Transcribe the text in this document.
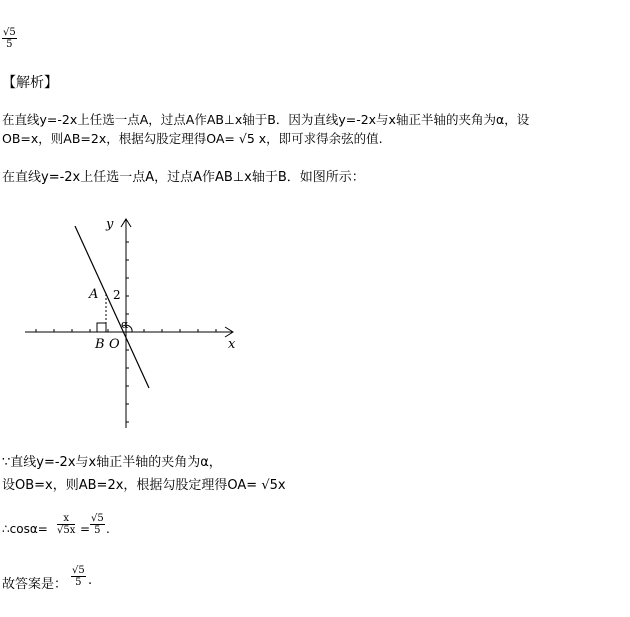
$\frac{√5}{5}$
【解析】
在直线y=-2x上任选一点A，过点A作AB⊥x轴于B．因为直线y=-2x与x轴正半轴的夹角为α，设
OB=x，则AB=2x，根据勾股定理得OA= √5 x，即可求得余弦的值.
在直线y=-2x上任选一点A，过点A作AB⊥x轴于B．如图所示：
y
x
A 2
B O
α
∵直线y=-2x与x轴正半轴的夹角为α，
设OB=x，则AB=2x，根据勾股定理得OA= √5x
∴cosα= $\frac{x}{√5x} = \frac{√5}{5}$ .
故答案是： $\frac{√5}{5}$ .
